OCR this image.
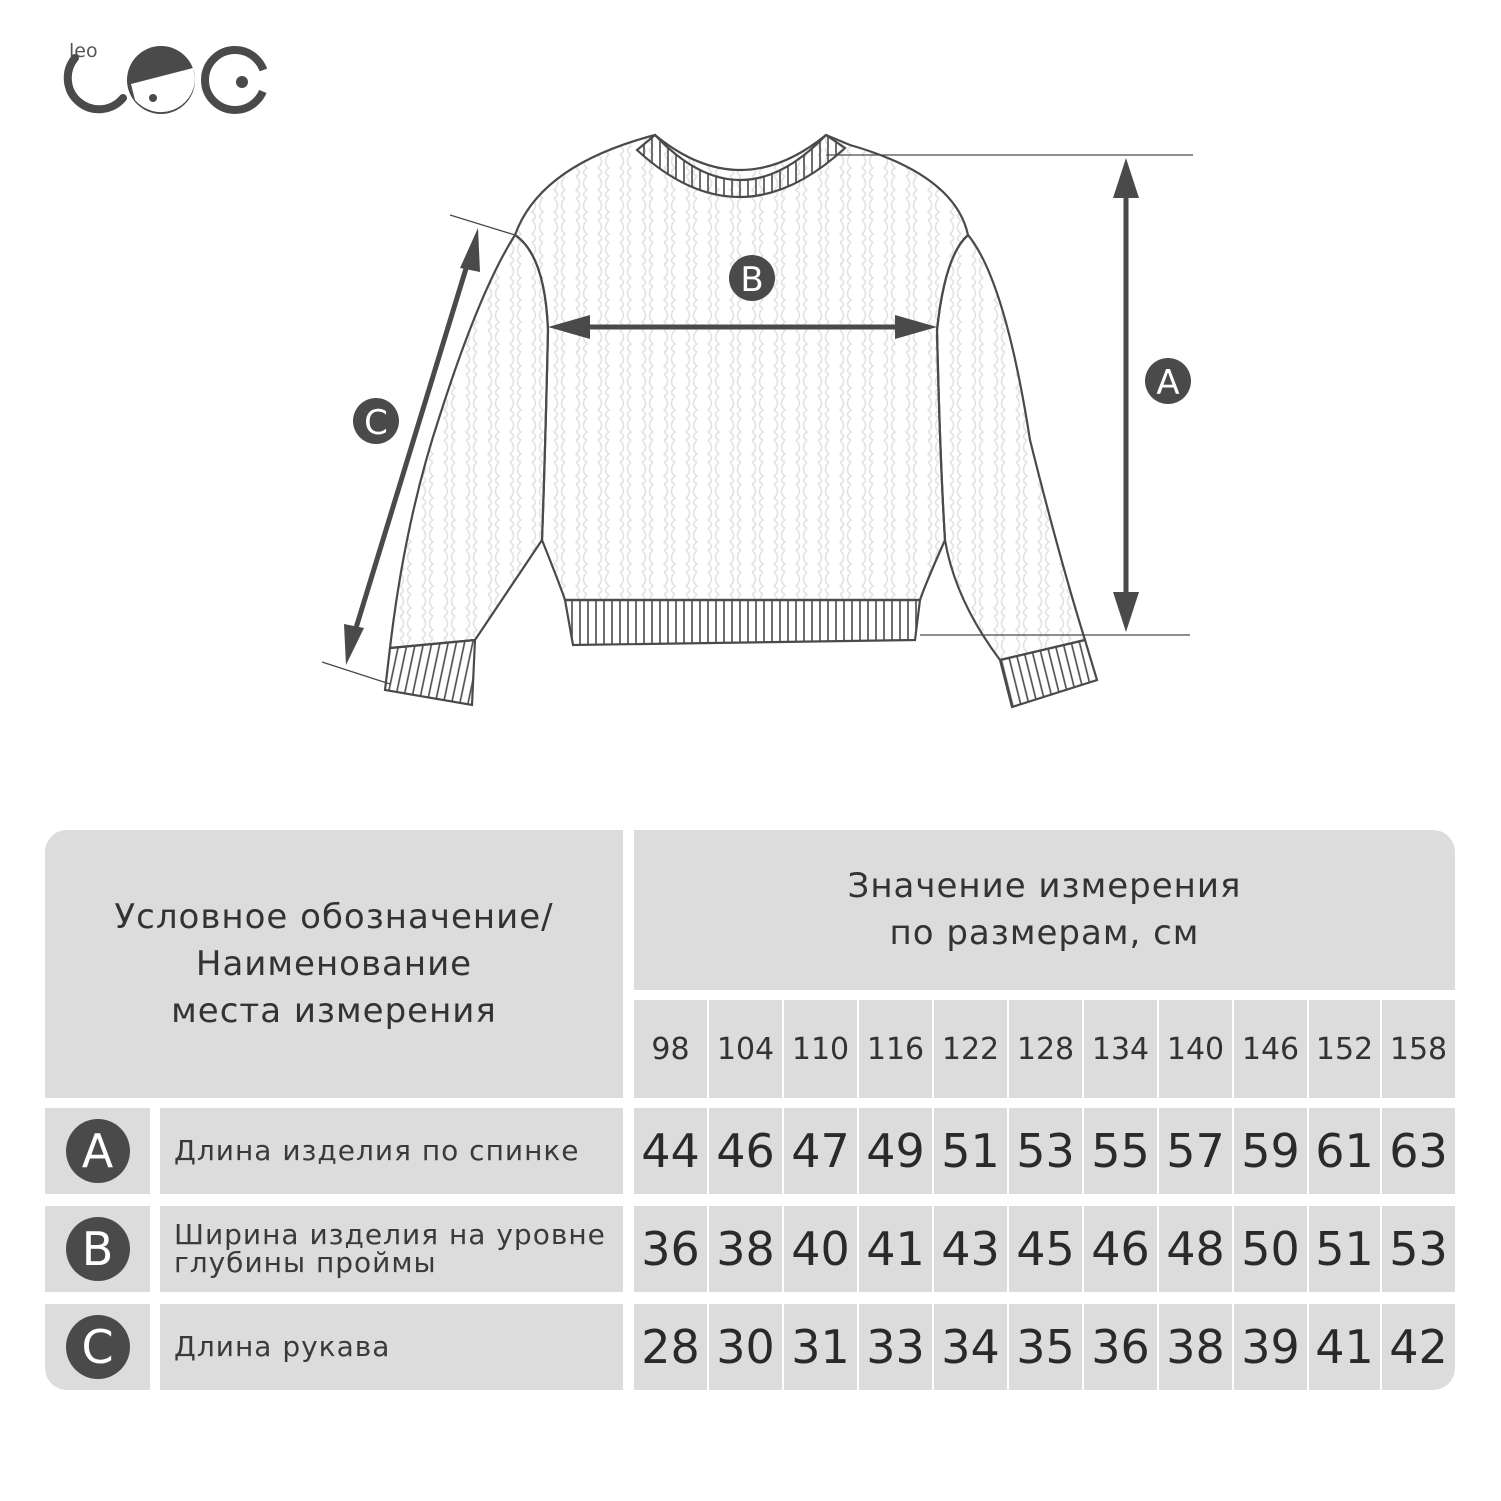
leo
B
A
C
Условное обозначение/
Наименование
места измерения
Значение измерения
по размерам, см
98 104 110 116 122 128 134 140 146 152 158
A	Длина изделия по спинке 44 46 47 49 51 53 55 57 59 61 63
B	Ширина изделия на уровне
глубины проймы	36 38 40 41 43 45 46 48 50 51 53
C	Длина рукава	28 30 31 33 34 35 36 38 39 41 42
